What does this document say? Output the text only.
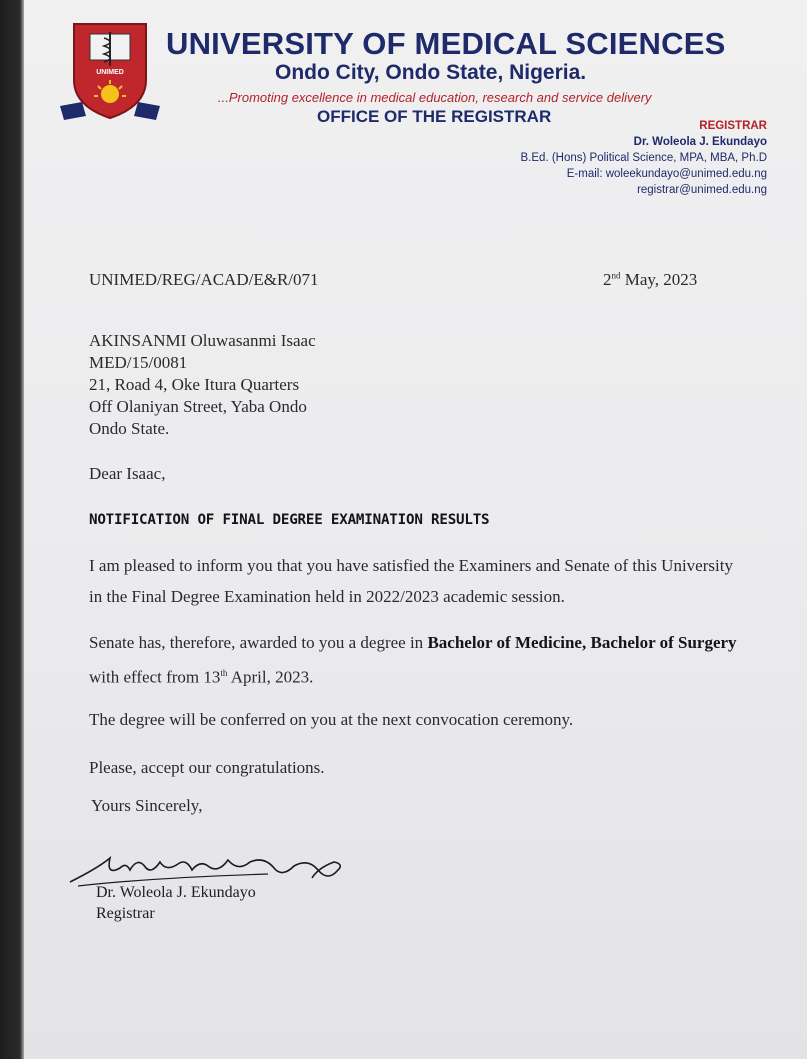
UNIMED
UNIVERSITY OF MEDICAL SCIENCES
Ondo City, Ondo State, Nigeria.
...Promoting excellence in medical education, research and service delivery
OFFICE OF THE REGISTRAR	REGISTRAR
Dr. Woleola J. Ekundayo
B.Ed. (Hons) Political Science, MPA, MBA, Ph.D
E-mail: woleekundayo@unimed.edu.ng
registrar@unimed.edu.ng
UNIMED/REG/ACAD/E&R/071	2nd May, 2023
AKINSANMI Oluwasanmi Isaac
MED/15/0081
21, Road 4, Oke Itura Quarters
Off Olaniyan Street, Yaba Ondo
Ondo State.
Dear Isaac,
NOTIFICATION OF FINAL DEGREE EXAMINATION RESULTS
I am pleased to inform you that you have satisfied the Examiners and Senate of this University in the Final Degree Examination held in 2022/2023 academic session.
Senate has, therefore, awarded to you a degree in Bachelor of Medicine, Bachelor of Surgery with effect from 13th April, 2023.
The degree will be conferred on you at the next convocation ceremony.
Please, accept our congratulations.
Yours Sincerely,
Dr. Woleola J. Ekundayo
Registrar
